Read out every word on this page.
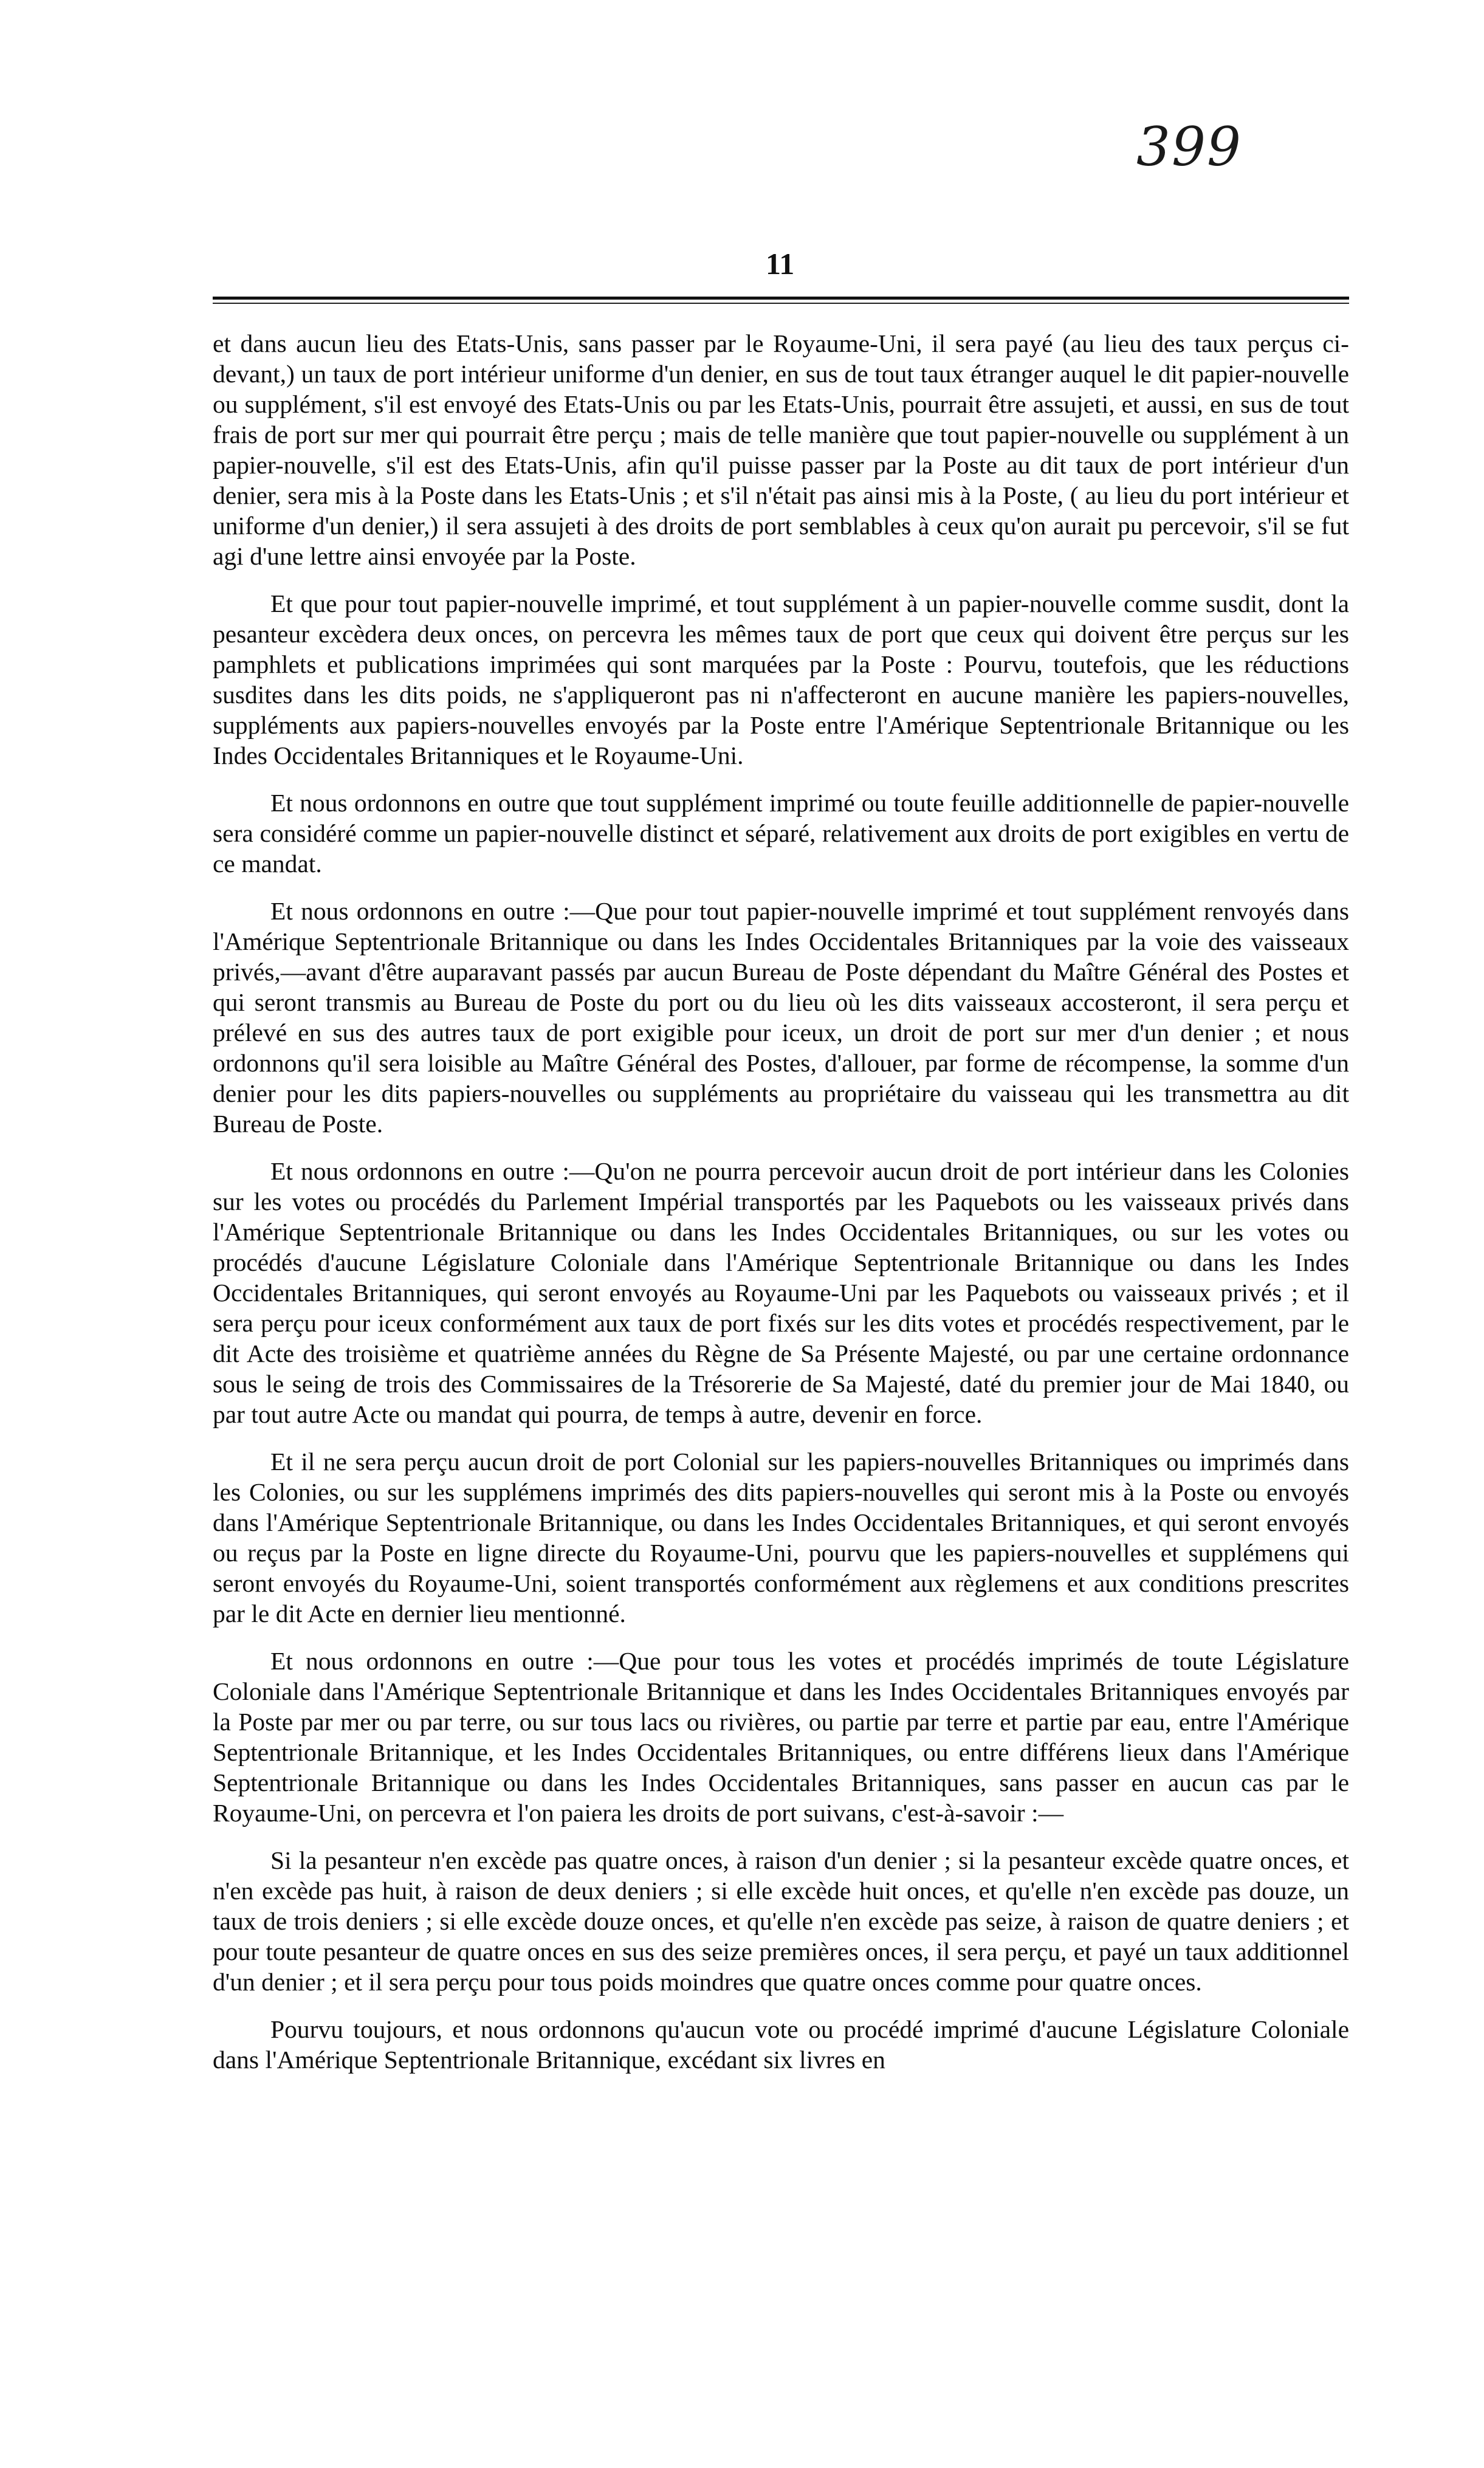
399
11

et dans aucun lieu des Etats-Unis, sans passer par le Royaume-Uni, il sera payé (au lieu des taux perçus ci-devant,) un taux de port intérieur uniforme d'un denier, en sus de tout taux étranger auquel le dit papier-nouvelle ou supplément, s'il est envoyé des Etats-Unis ou par les Etats-Unis, pourrait être assujeti, et aussi, en sus de tout frais de port sur mer qui pourrait être perçu ; mais de telle manière que tout papier-nouvelle ou supplément à un papier-nouvelle, s'il est des Etats-Unis, afin qu'il puisse passer par la Poste au dit taux de port intérieur d'un denier, sera mis à la Poste dans les Etats-Unis ; et s'il n'était pas ainsi mis à la Poste, ( au lieu du port intérieur et uniforme d'un denier,) il sera assujeti à des droits de port semblables à ceux qu'on aurait pu percevoir, s'il se fut agi d'une lettre ainsi envoyée par la Poste.

Et que pour tout papier-nouvelle imprimé, et tout supplément à un papier-nouvelle comme susdit, dont la pesanteur excèdera deux onces, on percevra les mêmes taux de port que ceux qui doivent être perçus sur les pamphlets et publications imprimées qui sont marquées par la Poste : Pourvu, toutefois, que les réductions susdites dans les dits poids, ne s'appliqueront pas ni n'affecteront en aucune manière les papiers-nouvelles, suppléments aux papiers-nouvelles envoyés par la Poste entre l'Amérique Septentrionale Britannique ou les Indes Occidentales Britanniques et le Royaume-Uni.

Et nous ordonnons en outre que tout supplément imprimé ou toute feuille additionnelle de papier-nouvelle sera considéré comme un papier-nouvelle distinct et séparé, relativement aux droits de port exigibles en vertu de ce mandat.

Et nous ordonnons en outre :—Que pour tout papier-nouvelle imprimé et tout supplément renvoyés dans l'Amérique Septentrionale Britannique ou dans les Indes Occidentales Britanniques par la voie des vaisseaux privés,—avant d'être auparavant passés par aucun Bureau de Poste dépendant du Maître Général des Postes et qui seront transmis au Bureau de Poste du port ou du lieu où les dits vaisseaux accosteront, il sera perçu et prélevé en sus des autres taux de port exigible pour iceux, un droit de port sur mer d'un denier ; et nous ordonnons qu'il sera loisible au Maître Général des Postes, d'allouer, par forme de récompense, la somme d'un denier pour les dits papiers-nouvelles ou suppléments au propriétaire du vaisseau qui les transmettra au dit Bureau de Poste.

Et nous ordonnons en outre :—Qu'on ne pourra percevoir aucun droit de port intérieur dans les Colonies sur les votes ou procédés du Parlement Impérial transportés par les Paquebots ou les vaisseaux privés dans l'Amérique Septentrionale Britannique ou dans les Indes Occidentales Britanniques, ou sur les votes ou procédés d'aucune Législature Coloniale dans l'Amérique Septentrionale Britannique ou dans les Indes Occidentales Britanniques, qui seront envoyés au Royaume-Uni par les Paquebots ou vaisseaux privés ; et il sera perçu pour iceux conformément aux taux de port fixés sur les dits votes et procédés respectivement, par le dit Acte des troisième et quatrième années du Règne de Sa Présente Majesté, ou par une certaine ordonnance sous le seing de trois des Commissaires de la Trésorerie de Sa Majesté, daté du premier jour de Mai 1840, ou par tout autre Acte ou mandat qui pourra, de temps à autre, devenir en force.

Et il ne sera perçu aucun droit de port Colonial sur les papiers-nouvelles Britanniques ou imprimés dans les Colonies, ou sur les supplémens imprimés des dits papiers-nouvelles qui seront mis à la Poste ou envoyés dans l'Amérique Septentrionale Britannique, ou dans les Indes Occidentales Britanniques, et qui seront envoyés ou reçus par la Poste en ligne directe du Royaume-Uni, pourvu que les papiers-nouvelles et supplémens qui seront envoyés du Royaume-Uni, soient transportés conformément aux règlemens et aux conditions prescrites par le dit Acte en dernier lieu mentionné.

Et nous ordonnons en outre :—Que pour tous les votes et procédés imprimés de toute Législature Coloniale dans l'Amérique Septentrionale Britannique et dans les Indes Occidentales Britanniques envoyés par la Poste par mer ou par terre, ou sur tous lacs ou rivières, ou partie par terre et partie par eau, entre l'Amérique Septentrionale Britannique, et les Indes Occidentales Britanniques, ou entre différens lieux dans l'Amérique Septentrionale Britannique ou dans les Indes Occidentales Britanniques, sans passer en aucun cas par le Royaume-Uni, on percevra et l'on paiera les droits de port suivans, c'est-à-savoir :—

Si la pesanteur n'en excède pas quatre onces, à raison d'un denier ; si la pesanteur excède quatre onces, et n'en excède pas huit, à raison de deux deniers ; si elle excède huit onces, et qu'elle n'en excède pas douze, un taux de trois deniers ; si elle excède douze onces, et qu'elle n'en excède pas seize, à raison de quatre deniers ; et pour toute pesanteur de quatre onces en sus des seize premières onces, il sera perçu, et payé un taux additionnel d'un denier ; et il sera perçu pour tous poids moindres que quatre onces comme pour quatre onces.

Pourvu toujours, et nous ordonnons qu'aucun vote ou procédé imprimé d'aucune Législature Coloniale dans l'Amérique Septentrionale Britannique, excédant six livres en
